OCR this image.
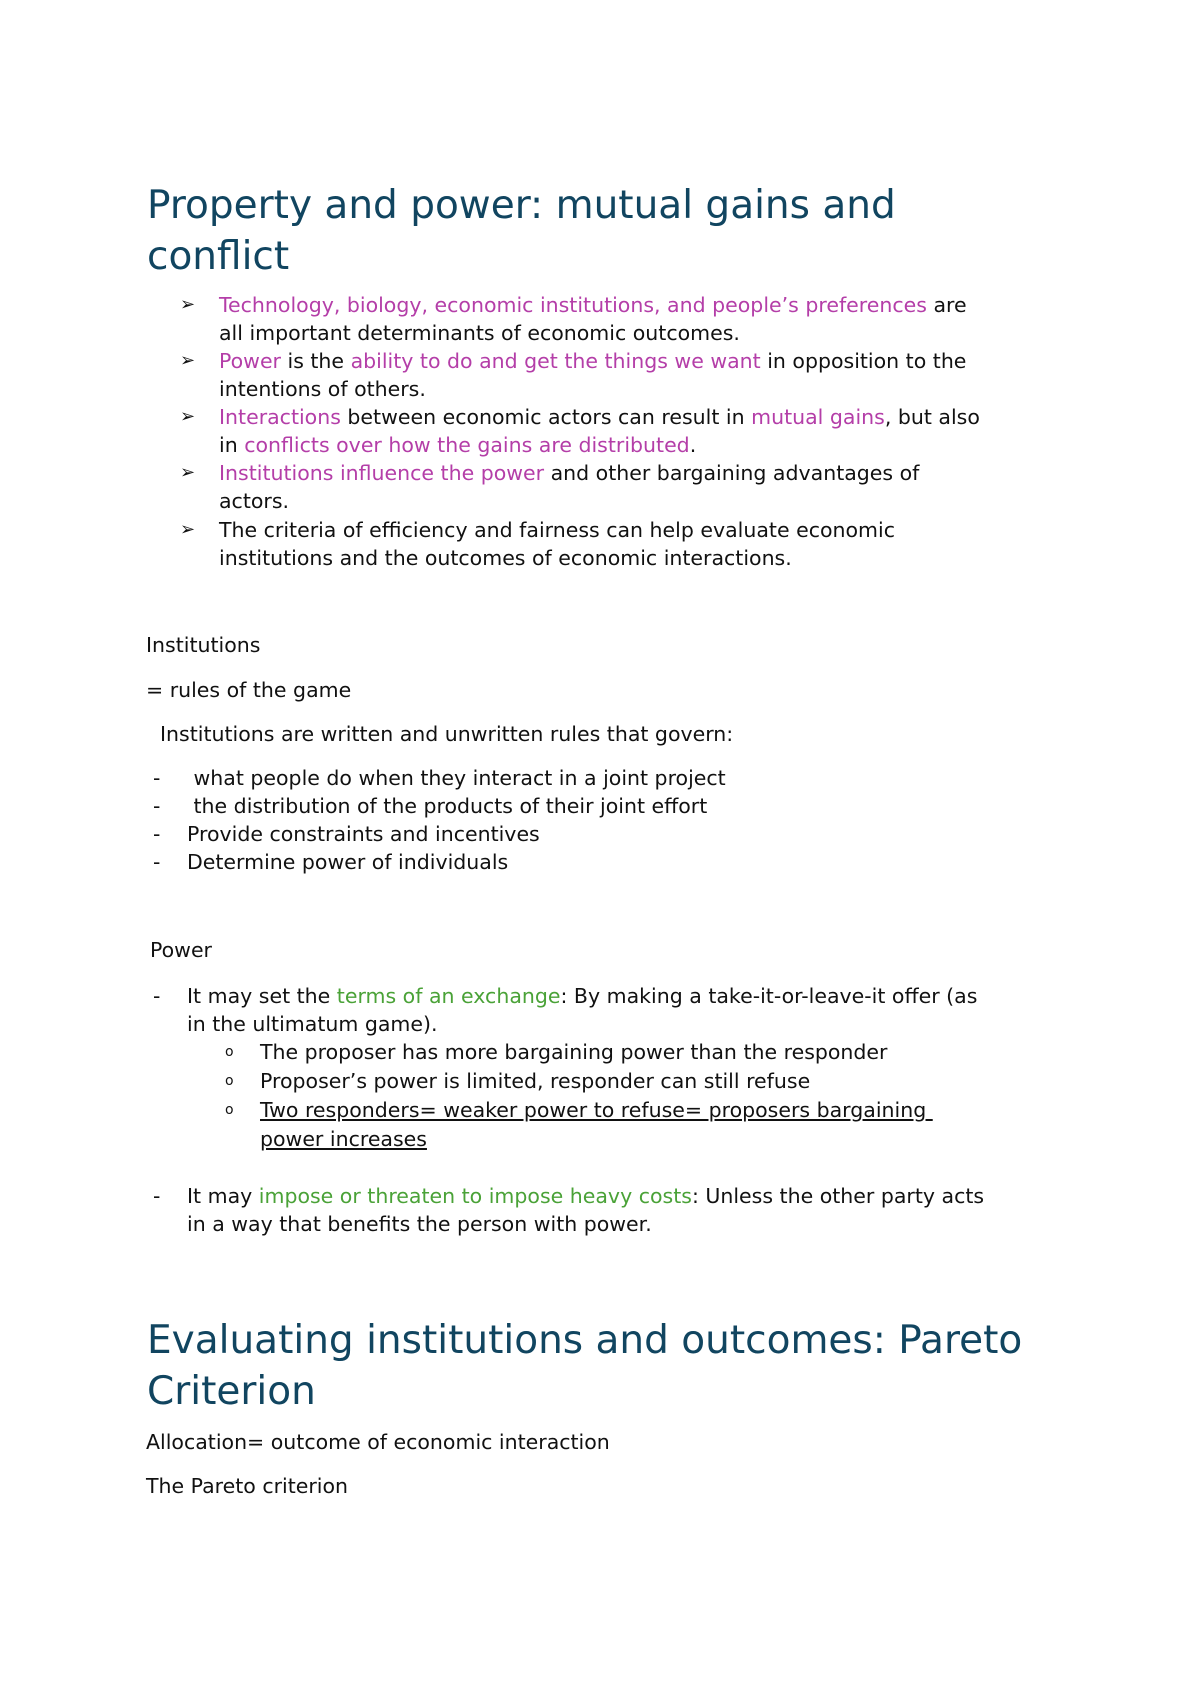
Property and power: mutual gains and
conflict
➢ Technology, biology, economic institutions, and people’s preferences are
all important determinants of economic outcomes.
➢ Power is the ability to do and get the things we want in opposition to the
intentions of others.
➢ Interactions between economic actors can result in mutual gains, but also
in conflicts over how the gains are distributed.
➢ Institutions influence the power and other bargaining advantages of
actors.
➢ The criteria of efficiency and fairness can help evaluate economic
institutions and the outcomes of economic interactions.
Institutions
= rules of the game
Institutions are written and unwritten rules that govern:
- what people do when they interact in a joint project
- the distribution of the products of their joint effort
- Provide constraints and incentives
- Determine power of individuals
Power
- It may set the terms of an exchange: By making a take-it-or-leave-it offer (as
in the ultimatum game).
o The proposer has more bargaining power than the responder
o Proposer’s power is limited, responder can still refuse
o Two responders= weaker power to refuse= proposers bargaining
power increases
- It may impose or threaten to impose heavy costs: Unless the other party acts
in a way that benefits the person with power.
Evaluating institutions and outcomes: Pareto
Criterion
Allocation= outcome of economic interaction
The Pareto criterion
